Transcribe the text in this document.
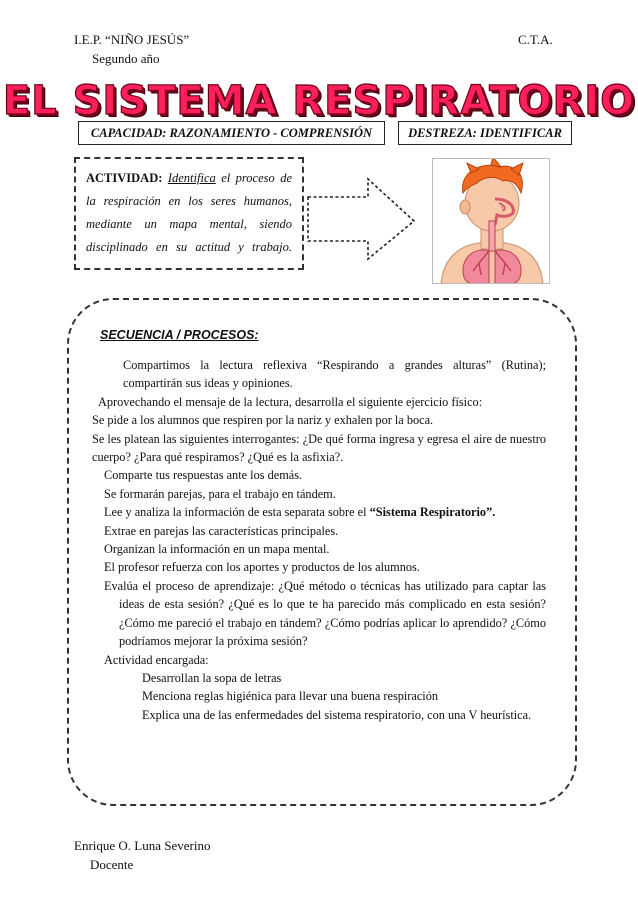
I.E.P. “NIÑO JESÚS”
Segundo año
C.T.A.
EL SISTEMA RESPIRATORIO
CAPACIDAD: RAZONAMIENTO - COMPRENSIÓN	DESTREZA: IDENTIFICAR
ACTIVIDAD: Identifica el proceso de la respiración en los seres humanos, mediante un mapa mental, siendo disciplinado en su actitud y trabajo.
SECUENCIA / PROCESOS:
Compartimos la lectura reflexiva “Respirando a grandes alturas” (Rutina); compartirán sus ideas y opiniones.
Aprovechando el mensaje de la lectura, desarrolla el siguiente ejercicio físico:
Se pide a los alumnos que respiren por la nariz y exhalen por la boca.
Se les platean las siguientes interrogantes: ¿De qué forma ingresa y egresa el aire de nuestro cuerpo? ¿Para qué respiramos? ¿Qué es la asfixia?.
Comparte tus respuestas ante los demás.
Se formarán parejas, para el trabajo en tándem.
Lee y analiza la información de esta separata sobre el “Sistema Respiratorio”.
Extrae en parejas las características principales.
Organizan la información en un mapa mental.
El profesor refuerza con los aportes y productos de los alumnos.
Evalúa el proceso de aprendizaje: ¿Qué método o técnicas has utilizado para captar las ideas de esta sesión? ¿Qué es lo que te ha parecido más complicado en esta sesión? ¿Cómo me pareció el trabajo en tándem? ¿Cómo podrías aplicar lo aprendido? ¿Cómo podríamos mejorar la próxima sesión?
Actividad encargada:
Desarrollan la sopa de letras
Menciona reglas higiénica para llevar una buena respiración
Explica una de las enfermedades del sistema respiratorio, con una V heurística.
Enrique O. Luna Severino
Docente
